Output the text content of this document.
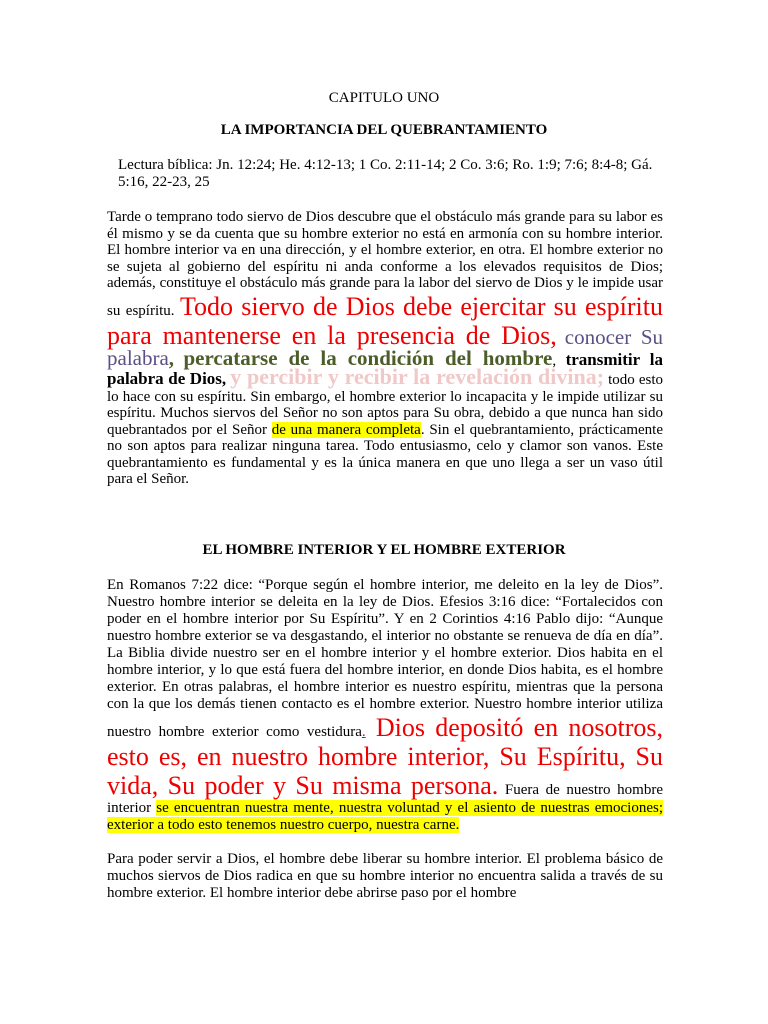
CAPITULO UNO
LA IMPORTANCIA DEL QUEBRANTAMIENTO
Lectura bíblica: Jn. 12:24; He. 4:12-13; 1 Co. 2:11-14; 2 Co. 3:6; Ro. 1:9; 7:6; 8:4-8; Gá. 5:16, 22-23, 25
Tarde o temprano todo siervo de Dios descubre que el obstáculo más grande para su labor es él mismo y se da cuenta que su hombre exterior no está en armonía con su hombre interior. El hombre interior va en una dirección, y el hombre exterior, en otra. El hombre exterior no se sujeta al gobierno del espíritu ni anda conforme a los elevados requisitos de Dios; además, constituye el obstáculo más grande para la labor del siervo de Dios y le impide usar su espíritu. Todo siervo de Dios debe ejercitar su espíritu para mantenerse en la presencia de Dios, conocer Su palabra, percatarse de la condición del hombre, transmitir la palabra de Dios, y percibir y recibir la revelación divina; todo esto lo hace con su espíritu. Sin embargo, el hombre exterior lo incapacita y le impide utilizar su espíritu. Muchos siervos del Señor no son aptos para Su obra, debido a que nunca han sido quebrantados por el Señor de una manera completa. Sin el quebrantamiento, prácticamente no son aptos para realizar ninguna tarea. Todo entusiasmo, celo y clamor son vanos. Este quebrantamiento es fundamental y es la única manera en que uno llega a ser un vaso útil para el Señor.
EL HOMBRE INTERIOR Y EL HOMBRE EXTERIOR
En Romanos 7:22 dice: “Porque según el hombre interior, me deleito en la ley de Dios”. Nuestro hombre interior se deleita en la ley de Dios. Efesios 3:16 dice: “Fortalecidos con poder en el hombre interior por Su Espíritu”. Y en 2 Corintios 4:16 Pablo dijo: “Aunque nuestro hombre exterior se va desgastando, el interior no obstante se renueva de día en día”. La Biblia divide nuestro ser en el hombre interior y el hombre exterior. Dios habita en el hombre interior, y lo que está fuera del hombre interior, en donde Dios habita, es el hombre exterior. En otras palabras, el hombre interior es nuestro espíritu, mientras que la persona con la que los demás tienen contacto es el hombre exterior. Nuestro hombre interior utiliza nuestro hombre exterior como vestidura. Dios depositó en nosotros, esto es, en nuestro hombre interior, Su Espíritu, Su vida, Su poder y Su misma persona. Fuera de nuestro hombre interior se encuentran nuestra mente, nuestra voluntad y el asiento de nuestras emociones; exterior a todo esto tenemos nuestro cuerpo, nuestra carne.
Para poder servir a Dios, el hombre debe liberar su hombre interior. El problema básico de muchos siervos de Dios radica en que su hombre interior no encuentra salida a través de su hombre exterior. El hombre interior debe abrirse paso por el hombre
